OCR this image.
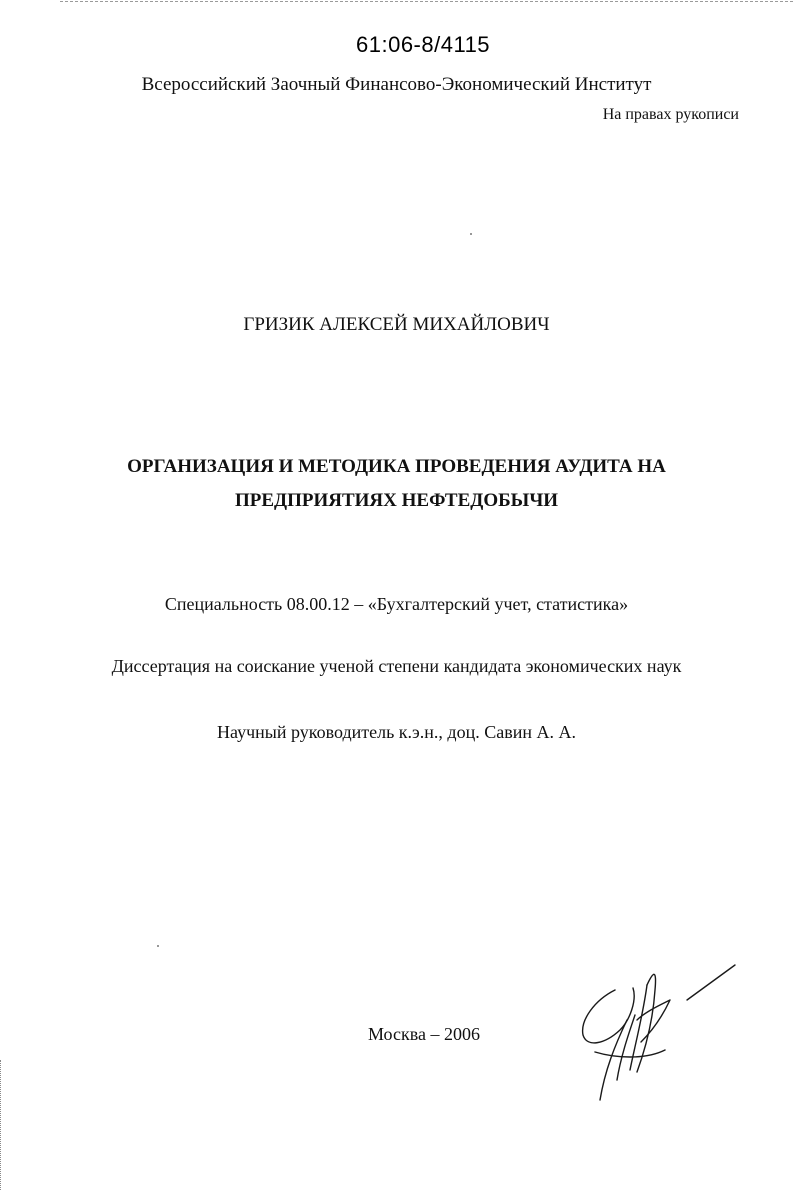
61:06-8/4115
Всероссийский Заочный Финансово-Экономический Институт
На правах рукописи
ГРИЗИК АЛЕКСЕЙ МИХАЙЛОВИЧ
ОРГАНИЗАЦИЯ И МЕТОДИКА ПРОВЕДЕНИЯ АУДИТА НА
ПРЕДПРИЯТИЯХ НЕФТЕДОБЫЧИ
Специальность 08.00.12 – «Бухгалтерский учет, статистика»
Диссертация на соискание ученой степени кандидата экономических наук
Научный руководитель к.э.н., доц. Савин А. А.
Москва – 2006
